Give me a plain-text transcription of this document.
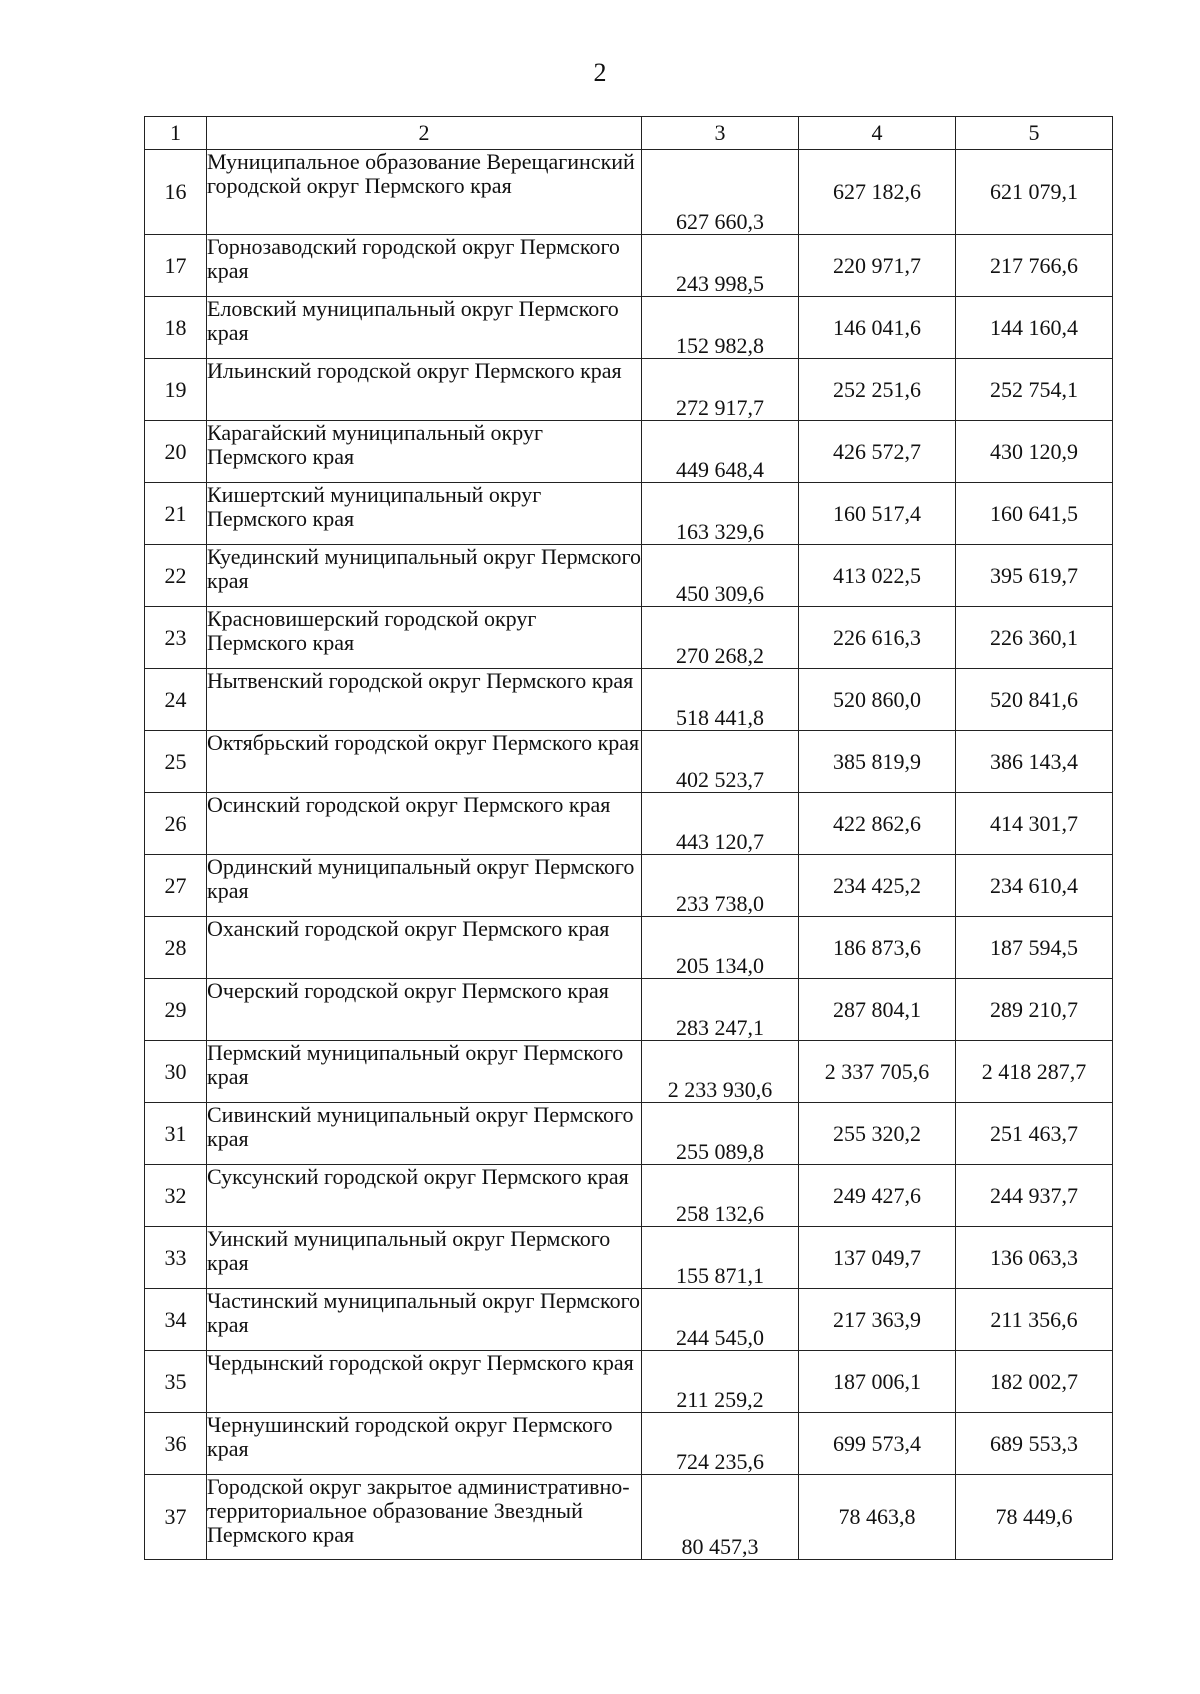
2
1	2	3	4	5
16	Муниципальное образование Верещагинский городской округ Пермского края	627 660,3	627 182,6	621 079,1
17	Горнозаводский городской округ Пермского края	243 998,5	220 971,7	217 766,6
18	Еловский муниципальный округ Пермского края	152 982,8	146 041,6	144 160,4
19	Ильинский городской округ Пермского края	272 917,7	252 251,6	252 754,1
20	Карагайский муниципальный округ Пермского края	449 648,4	426 572,7	430 120,9
21	Кишертский муниципальный округ Пермского края	163 329,6	160 517,4	160 641,5
22	Куединский муниципальный округ Пермского края	450 309,6	413 022,5	395 619,7
23	Красновишерский городской округ Пермского края	270 268,2	226 616,3	226 360,1
24	Нытвенский городской округ Пермского края	518 441,8	520 860,0	520 841,6
25	Октябрьский городской округ Пермского края	402 523,7	385 819,9	386 143,4
26	Осинский городской округ Пермского края	443 120,7	422 862,6	414 301,7
27	Ординский муниципальный округ Пермского края	233 738,0	234 425,2	234 610,4
28	Оханский городской округ Пермского края	205 134,0	186 873,6	187 594,5
29	Очерский городской округ Пермского края	283 247,1	287 804,1	289 210,7
30	Пермский муниципальный округ Пермского края	2 233 930,6	2 337 705,6	2 418 287,7
31	Сивинский муниципальный округ Пермского края	255 089,8	255 320,2	251 463,7
32	Суксунский городской округ Пермского края	258 132,6	249 427,6	244 937,7
33	Уинский муниципальный округ Пермского края	155 871,1	137 049,7	136 063,3
34	Частинский муниципальный округ Пермского края	244 545,0	217 363,9	211 356,6
35	Чердынский городской округ Пермского края	211 259,2	187 006,1	182 002,7
36	Чернушинский городской округ Пермского края	724 235,6	699 573,4	689 553,3
37	Городской округ закрытое административно-территориальное образование Звездный Пермского края	80 457,3	78 463,8	78 449,6
